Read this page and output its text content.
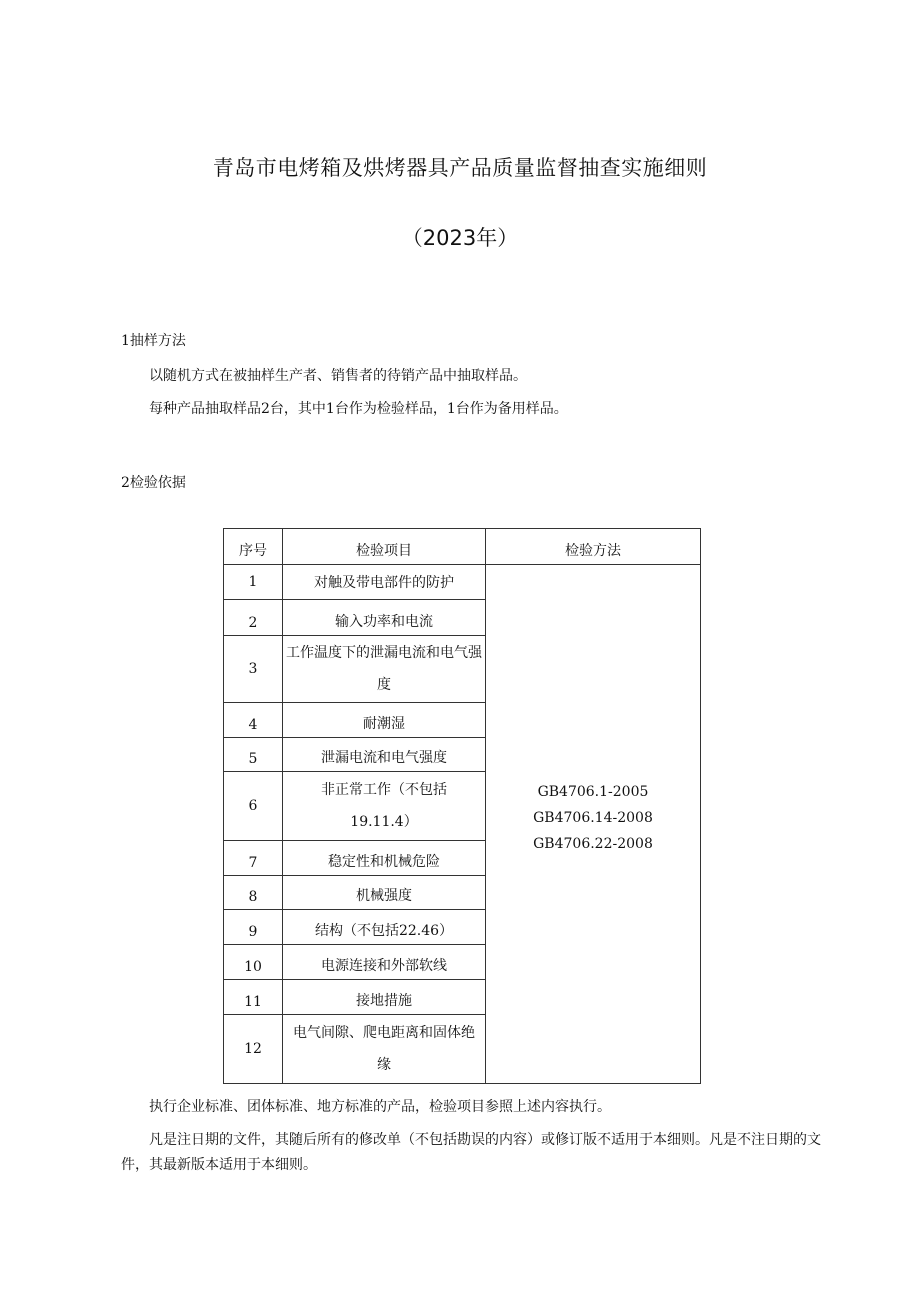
青岛市电烤箱及烘烤器具产品质量监督抽查实施细则
（2023年）
1抽样方法
以随机方式在被抽样生产者、销售者的待销产品中抽取样品。
每种产品抽取样品2台，其中1台作为检验样品，1台作为备用样品。
2检验依据
序号	检验项目	检验方法
1	对触及带电部件的防护	GB4706.1-2005
GB4706.14-2008
GB4706.22-2008

2	输入功率和电流	
3	工作温度下的泄漏电流和电气强度	
4	耐潮湿	
5	泄漏电流和电气强度	
6	非正常工作（不包括19.11.4）	
7	稳定性和机械危险	
8	机械强度	
9	结构（不包括22.46）	
10	电源连接和外部软线	
11	接地措施	
12	电气间隙、爬电距离和固体绝缘	
执行企业标准、团体标准、地方标准的产品，检验项目参照上述内容执行。
凡是注日期的文件，其随后所有的修改单（不包括勘误的内容）或修订版不适用于本细则。凡是不注日期的文件，其最新版本适用于本细则。
